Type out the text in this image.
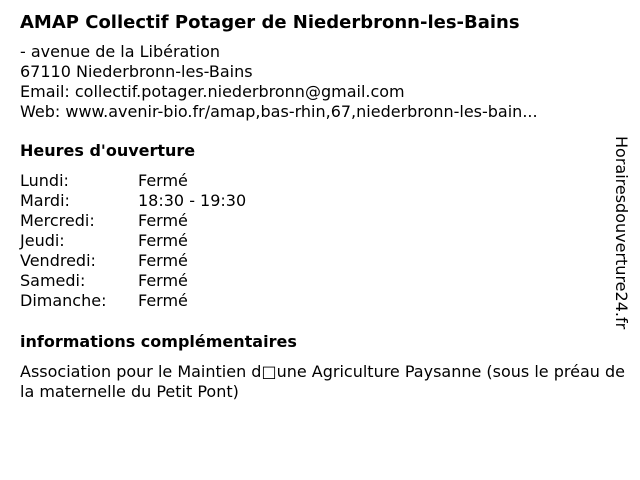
AMAP Collectif Potager de Niederbronn-les-Bains
- avenue de la Libération
67110 Niederbronn-les-Bains
Email: collectif.potager.niederbronn@gmail.com
Web: www.avenir-bio.fr/amap,bas-rhin,67,niederbronn-les-bain...
Heures d'ouverture
Lundi:	Fermé
Mardi:	18:30 - 19:30
Mercredi:	Fermé
Jeudi:	Fermé
Vendredi:	Fermé
Samedi:	Fermé
Dimanche: Fermé
informations complémentaires
Association pour le Maintien d□une Agriculture Paysanne (sous le préau de la maternelle du Petit Pont)
Horairesdouverture24.fr
